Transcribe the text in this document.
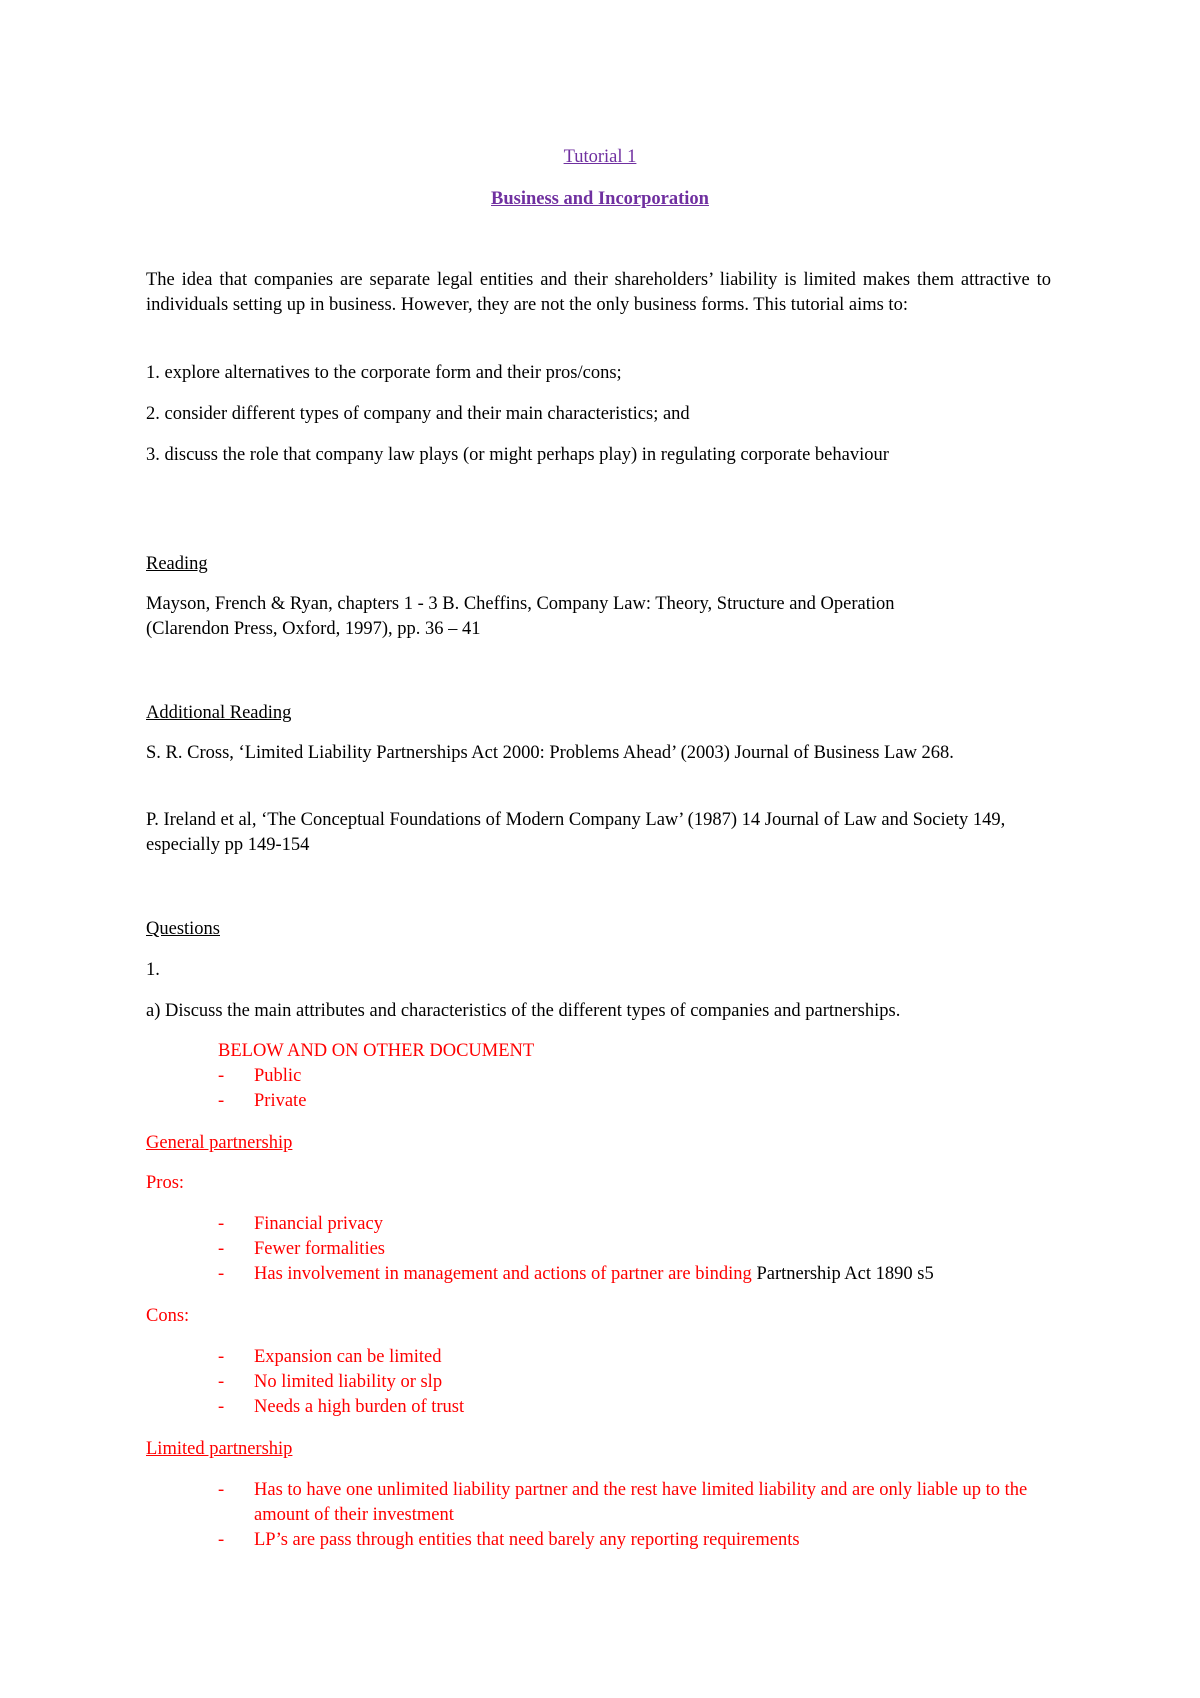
Tutorial 1
Business and Incorporation
The idea that companies are separate legal entities and their shareholders’ liability is limited makes them attractive to individuals setting up in business. However, they are not the only business forms. This tutorial aims to:
1. explore alternatives to the corporate form and their pros/cons;
2. consider different types of company and their main characteristics; and
3. discuss the role that company law plays (or might perhaps play) in regulating corporate behaviour
Reading
Mayson, French & Ryan, chapters 1 - 3 B. Cheffins, Company Law: Theory, Structure and Operation (Clarendon Press, Oxford, 1997), pp. 36 – 41
Additional Reading
S. R. Cross, ‘Limited Liability Partnerships Act 2000: Problems Ahead’ (2003) Journal of Business Law 268.
P. Ireland et al, ‘The Conceptual Foundations of Modern Company Law’ (1987) 14 Journal of Law and Society 149, especially pp 149-154
Questions
1.
a) Discuss the main attributes and characteristics of the different types of companies and partnerships.
BELOW AND ON OTHER DOCUMENT
- Public
- Private
General partnership
Pros:
- Financial privacy
- Fewer formalities
- Has involvement in management and actions of partner are binding Partnership Act 1890 s5
Cons:
- Expansion can be limited
- No limited liability or slp
- Needs a high burden of trust
Limited partnership
- Has to have one unlimited liability partner and the rest have limited liability and are only liable up to the amount of their investment
- LP’s are pass through entities that need barely any reporting requirements
